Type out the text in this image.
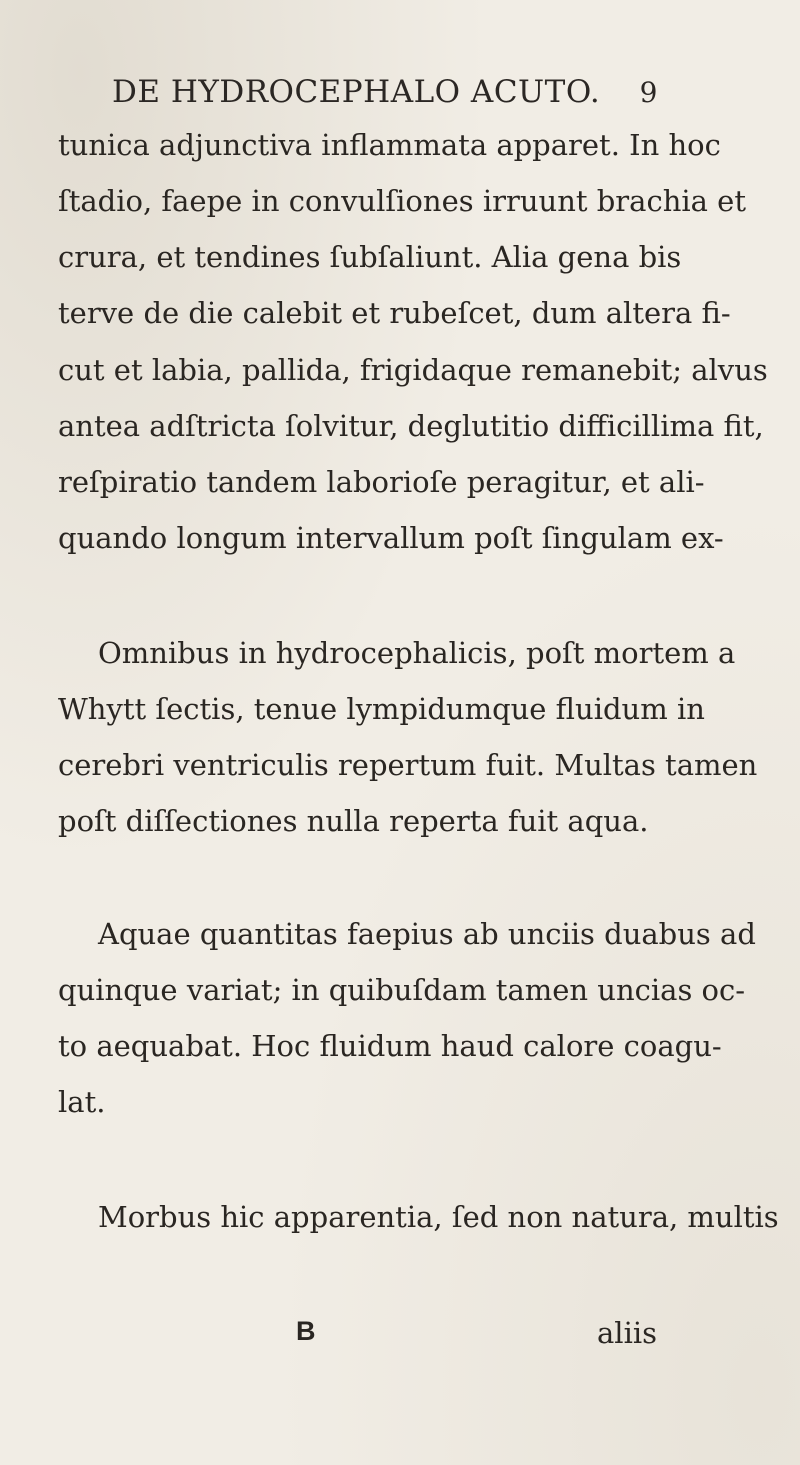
DE HYDROCEPHALO ACUTO. 9
tunica adjunctiva inflammata apparet. In hoc
ſtadio, faepe in convulſiones irruunt brachia et
crura, et tendines ſubſaliunt. Alia gena bis
terve de die calebit et rubeſcet, dum altera fi-
cut et labia, pallida, frigidaque remanebit; alvus
antea adſtricta ſolvitur, deglutitio difficillima fit,
reſpiratio tandem laborioſe peragitur, et ali-
quando longum intervallum poſt ſingulam ex-
Omnibus in hydrocephalicis, poſt mortem a
Whytt ſectis, tenue lympidumque fluidum in
cerebri ventriculis repertum fuit. Multas tamen
poſt diſſectiones nulla reperta fuit aqua.
Aquae quantitas faepius ab unciis duabus ad
quinque variat; in quibuſdam tamen uncias oc-
to aequabat. Hoc fluidum haud calore coagu-
lat.
Morbus hic apparentia, ſed non natura, multis
B	aliis
